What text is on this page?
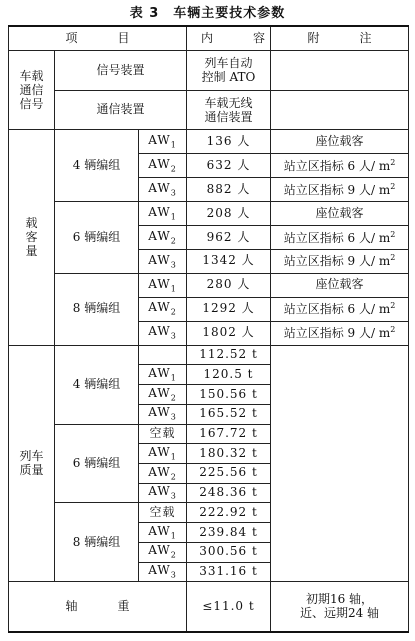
表 3　车辆主要技术参数
项　目			内　容	附　注

车载
通信
信号	信号装置		列车自动
控制 ATO	

	通信装置		车载无线
通信装置	

载
客
量	4 辆编组	$AW_1$	136 人	座位载客
		$AW_2$	632 人	站立区指标 6 人/ $m^2$
		$AW_3$	882 人	站立区指标 9 人/ $m^2$
	6 辆编组	$AW_1$	208 人	座位载客
		$AW_2$	962 人	站立区指标 6 人/ $m^2$
		$AW_3$	1342 人	站立区指标 9 人/ $m^2$
	8 辆编组	$AW_1$	280 人	座位载客
		$AW_2$	1292 人	站立区指标 6 人/ $m^2$
		$AW_3$	1802 人	站立区指标 9 人/ $m^2$

列车
质量	4 辆编组		112.52 t	
		$AW_1$	120.5 t	
		$AW_2$	150.56 t	
		$AW_3$	165.52 t	
	6 辆编组	空载	167.72 t	
		$AW_1$	180.32 t	
		$AW_2$	225.56 t	
		$AW_3$	248.36 t	
	8 辆编组	空载	222.92 t	
		$AW_1$	239.84 t	
		$AW_2$	300.56 t	
		$AW_3$	331.16 t	
轴　重			≤11.0 t	初期16 轴，
近、远期24 轴
